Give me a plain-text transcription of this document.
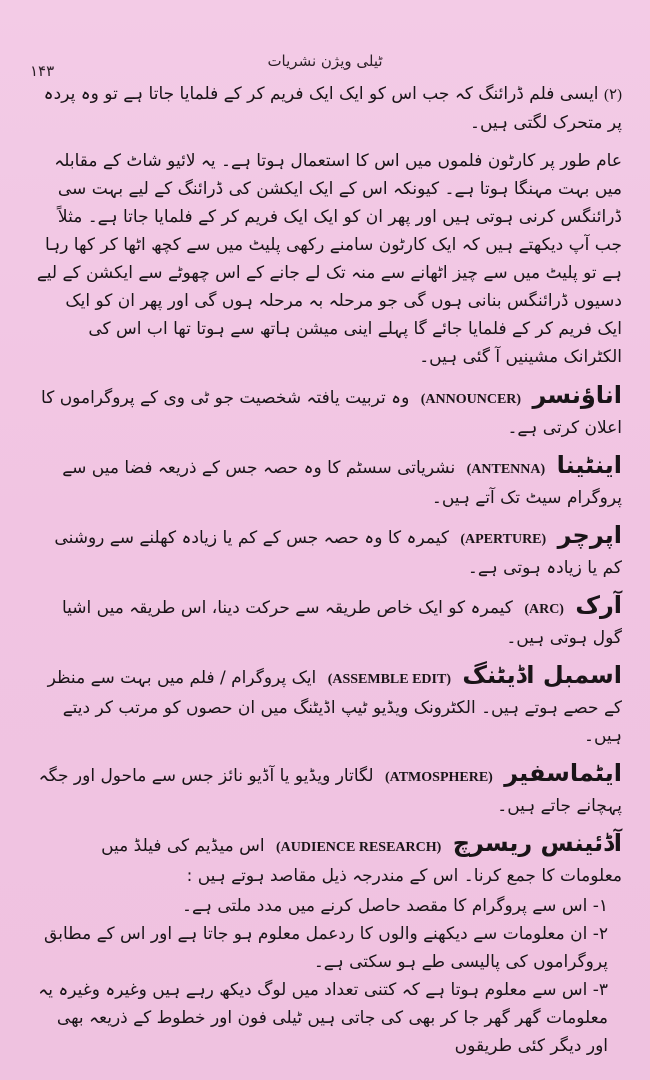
۱۴۳
ٹیلی ویژن نشریات

(۲) ایسی فلم ڈرائنگ کہ جب اس کو ایک ایک فریم کر کے فلمایا جاتا ہے تو وہ پردہ پر متحرک لگتی ہیں۔

عام طور پر کارٹون فلموں میں اس کا استعمال ہوتا ہے۔ یہ لائیو شاٹ کے مقابلہ میں بہت مہنگا ہوتا ہے۔ کیونکہ اس کے ایک ایکشن کی ڈرائنگ کے لیے بہت سی ڈرائنگس کرنی ہوتی ہیں اور پھر ان کو ایک ایک فریم کر کے فلمایا جاتا ہے۔ مثلاً جب آپ دیکھتے ہیں کہ ایک کارٹون سامنے رکھی پلیٹ میں سے کچھ اٹھا کر کھا رہا ہے تو پلیٹ میں سے چیز اٹھانے سے منہ تک لے جانے کے اس چھوٹے سے ایکشن کے لیے دسیوں ڈرائنگس بنانی ہوں گی جو مرحلہ بہ مرحلہ ہوں گی اور پھر ان کو ایک ایک فریم کر کے فلمایا جائے گا پہلے اینی میشن ہاتھ سے ہوتا تھا اب اس کی الکٹرانک مشینیں آ گئی ہیں۔

اناؤنسر (ANNOUNCER) وہ تربیت یافتہ شخصیت جو ٹی وی کے پروگراموں کا اعلان کرتی ہے۔
اینٹینا (ANTENNA) نشریاتی سسٹم کا وہ حصہ جس کے ذریعہ فضا میں سے پروگرام سیٹ تک آتے ہیں۔
اپرچر (APERTURE) کیمرہ کا وہ حصہ جس کے کم یا زیادہ کھلنے سے روشنی کم یا زیادہ ہوتی ہے۔
آرک (ARC) کیمرہ کو ایک خاص طریقہ سے حرکت دینا، اس طریقہ میں اشیا گول ہوتی ہیں۔
اسمبل اڈیٹنگ (ASSEMBLE EDIT) ایک پروگرام / فلم میں بہت سے منظر کے حصے ہوتے ہیں۔ الکٹرونک ویڈیو ٹیپ اڈیٹنگ میں ان حصوں کو مرتب کر دیتے ہیں۔
ایٹماسفیر (ATMOSPHERE) لگاتار ویڈیو یا آڈیو نائز جس سے ماحول اور جگہ پہچانے جاتے ہیں۔
آڈئینس ریسرچ (AUDIENCE RESEARCH) اس میڈیم کی فیلڈ میں معلومات کا جمع کرنا۔ اس کے مندرجہ ذیل مقاصد ہوتے ہیں :
۱- اس سے پروگرام کا مقصد حاصل کرنے میں مدد ملتی ہے۔
۲- ان معلومات سے دیکھنے والوں کا ردعمل معلوم ہو جاتا ہے اور اس کے مطابق پروگراموں کی پالیسی طے ہو سکتی ہے۔
۳- اس سے معلوم ہوتا ہے کہ کتنی تعداد میں لوگ دیکھ رہے ہیں وغیرہ وغیرہ یہ معلومات گھر گھر جا کر بھی کی جاتی ہیں ٹیلی فون اور خطوط کے ذریعہ بھی اور دیگر کئی طریقوں
